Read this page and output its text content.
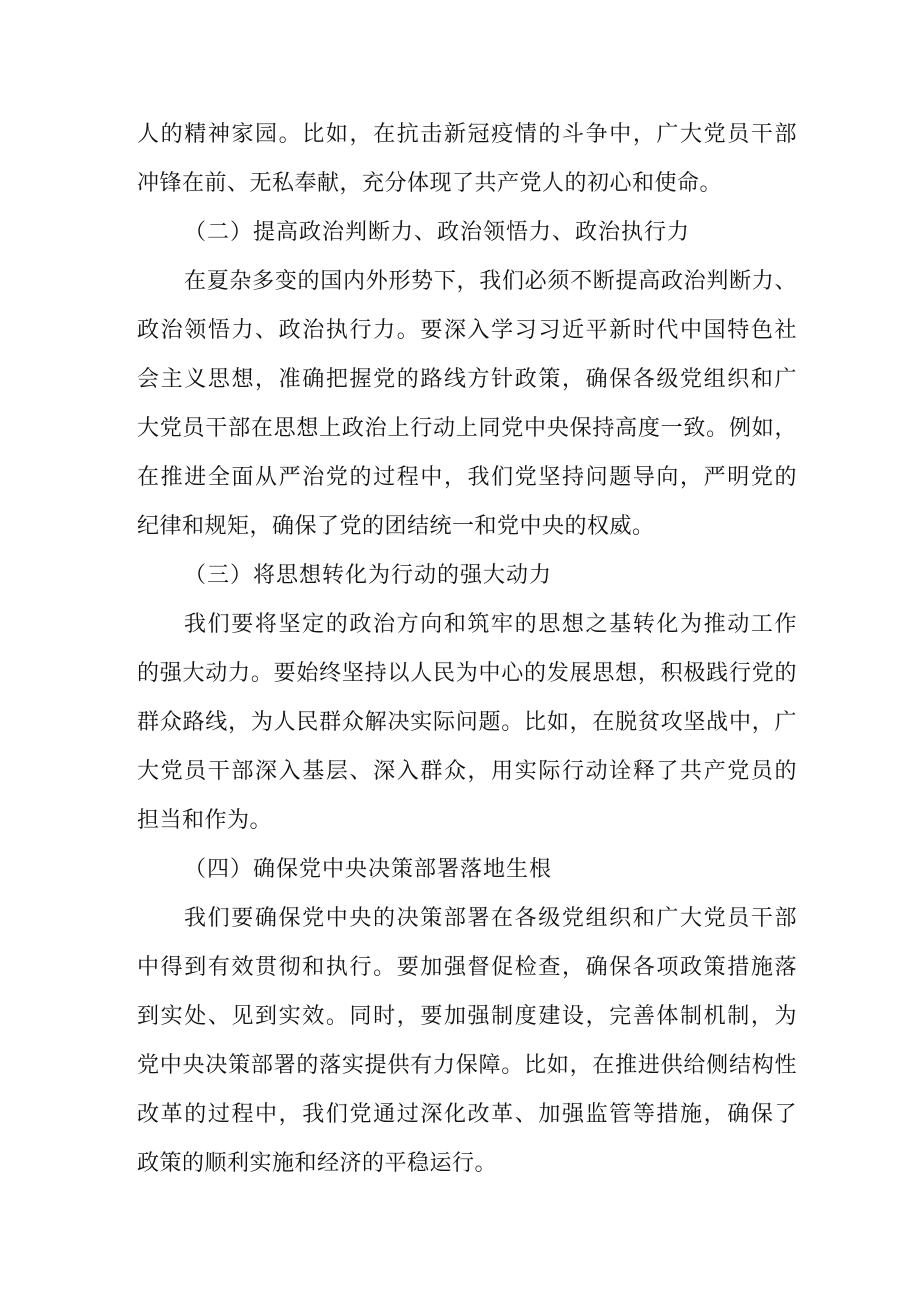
人的精神家园。比如，在抗击新冠疫情的斗争中，广大党员干部
冲锋在前、无私奉献，充分体现了共产党人的初心和使命。
（二）提高政治判断力、政治领悟力、政治执行力
在夏杂多变的国内外形势下，我们必须不断提高政治判断力、
政治领悟力、政治执行力。要深入学习习近平新时代中国特色社
会主义思想，准确把握党的路线方针政策，确保各级党组织和广
大党员干部在思想上政治上行动上同党中央保持高度一致。例如，
在推进全面从严治党的过程中，我们党坚持问题导向，严明党的
纪律和规矩，确保了党的团结统一和党中央的权威。
（三）将思想转化为行动的强大动力
我们要将坚定的政治方向和筑牢的思想之基转化为推动工作
的强大动力。要始终坚持以人民为中心的发展思想，积极践行党的
群众路线，为人民群众解决实际问题。比如，在脱贫攻坚战中，广
大党员干部深入基层、深入群众，用实际行动诠释了共产党员的
担当和作为。
（四）确保党中央决策部署落地生根
我们要确保党中央的决策部署在各级党组织和广大党员干部
中得到有效贯彻和执行。要加强督促检查，确保各项政策措施落
到实处、见到实效。同时，要加强制度建设，完善体制机制，为
党中央决策部署的落实提供有力保障。比如，在推进供给侧结构性
改革的过程中，我们党通过深化改革、加强监管等措施，确保了
政策的顺利实施和经济的平稳运行。
